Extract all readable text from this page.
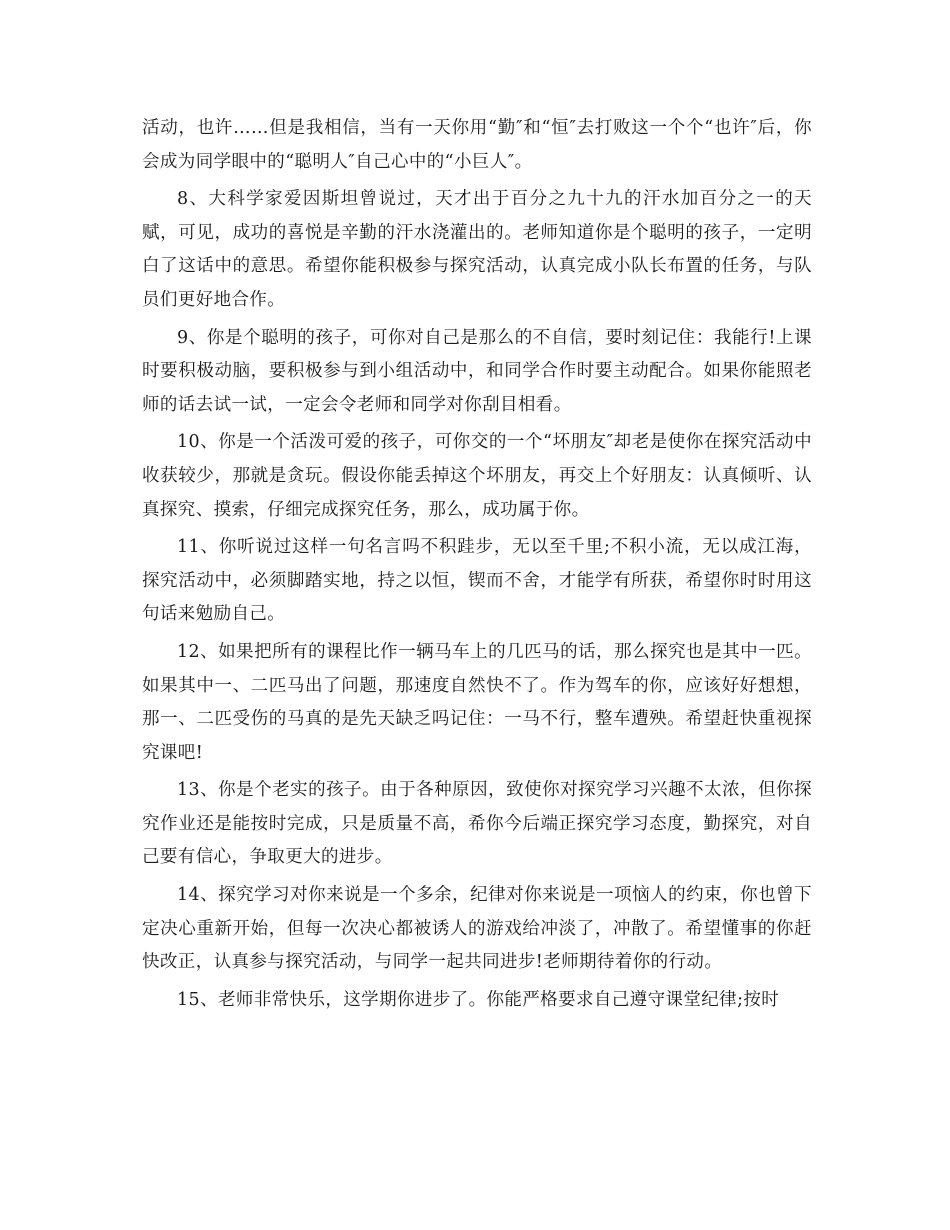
活动，也许……但是我相信，当有一天你用“勤″和“恒″去打败这一个个“也许″后，你会成为同学眼中的“聪明人″自己心中的“小巨人″。

8、大科学家爱因斯坦曾说过，天才出于百分之九十九的汗水加百分之一的天赋，可见，成功的喜悦是辛勤的汗水浇灌出的。老师知道你是个聪明的孩子，一定明白了这话中的意思。希望你能积极参与探究活动，认真完成小队长布置的任务，与队员们更好地合作。

9、你是个聪明的孩子，可你对自己是那么的不自信，要时刻记住：我能行!上课时要积极动脑，要积极参与到小组活动中，和同学合作时要主动配合。如果你能照老师的话去试一试，一定会令老师和同学对你刮目相看。

10、你是一个活泼可爱的孩子，可你交的一个“坏朋友″却老是使你在探究活动中收获较少，那就是贪玩。假设你能丢掉这个坏朋友，再交上个好朋友：认真倾听、认真探究、摸索，仔细完成探究任务，那么，成功属于你。

11、你听说过这样一句名言吗不积跬步，无以至千里;不积小流，无以成江海，探究活动中，必须脚踏实地，持之以恒，锲而不舍，才能学有所获，希望你时时用这句话来勉励自己。

12、如果把所有的课程比作一辆马车上的几匹马的话，那么探究也是其中一匹。如果其中一、二匹马出了问题，那速度自然快不了。作为驾车的你，应该好好想想，那一、二匹受伤的马真的是先天缺乏吗记住：一马不行，整车遭殃。希望赶快重视探究课吧!

13、你是个老实的孩子。由于各种原因，致使你对探究学习兴趣不太浓，但你探究作业还是能按时完成，只是质量不高，希你今后端正探究学习态度，勤探究，对自己要有信心，争取更大的进步。

14、探究学习对你来说是一个多余，纪律对你来说是一项恼人的约束，你也曾下定决心重新开始，但每一次决心都被诱人的游戏给冲淡了，冲散了。希望懂事的你赶快改正，认真参与探究活动，与同学一起共同进步!老师期待着你的行动。

15、老师非常快乐，这学期你进步了。你能严格要求自己遵守课堂纪律;按时
